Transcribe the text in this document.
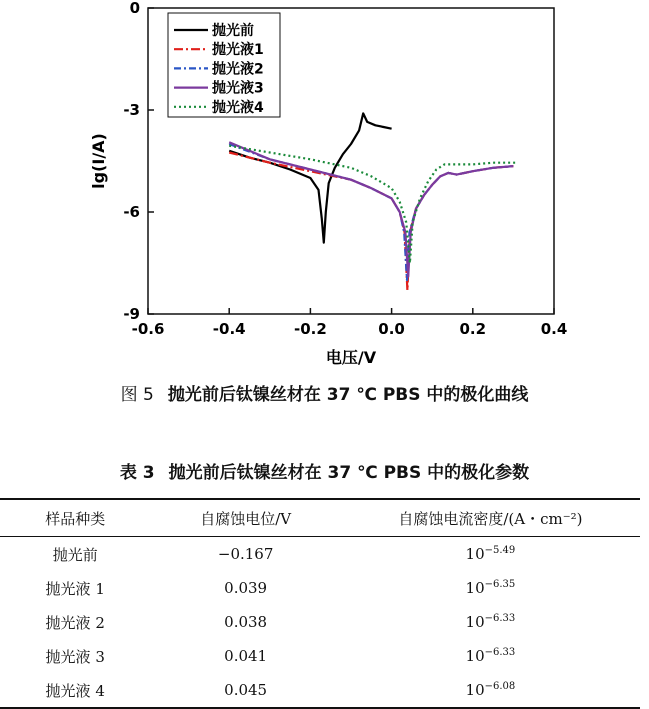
-0.6	-0.4	-0.2	0.0	0.2	0.4
0
-3
-6
-9
抛光前
抛光液1
抛光液2
抛光液3
抛光液4
电压/V
lg(I/A)
图 5 抛光前后钛镍丝材在 37 ℃ PBS 中的极化曲线
表 3 抛光前后钛镍丝材在 37 ℃ PBS 中的极化参数
样品种类	自腐蚀电位/V	自腐蚀电流密度/(A・cm⁻²)
抛光前	−0.167	$10^{-5.49}$
抛光液 1	0.039	$10^{-6.35}$
抛光液 2	0.038	$10^{-6.33}$
抛光液 3	0.041	$10^{-6.33}$
抛光液 4	0.045	$10^{-6.08}$
